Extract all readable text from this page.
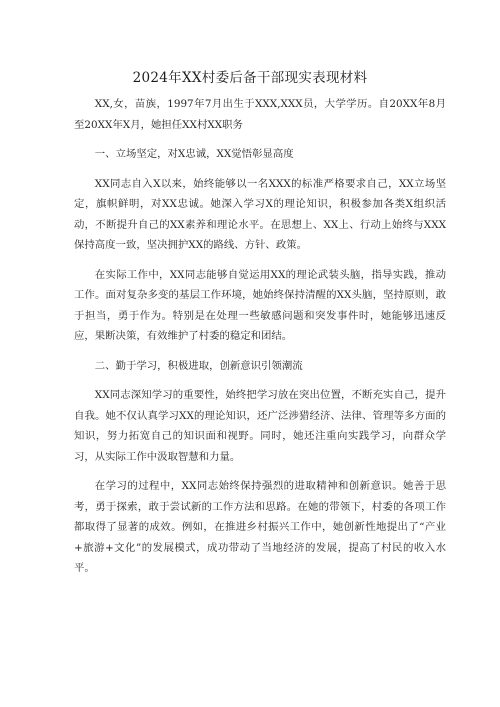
2024年XX村委后备干部现实表现材料

XX,女，苗族，1997年7月出生于XXX,XXX员，大学学历。自20XX年8月至20XX年X月，她担任XX村XX职务

一、立场坚定，对X忠诚，XX觉悟彰显高度

XX同志自入X以来，始终能够以一名XXX的标准严格要求自己，XX立场坚定，旗帜鲜明，对XX忠诚。她深入学习X的理论知识，积极参加各类X组织活动，不断提升自己的XX素养和理论水平。在思想上、XX上、行动上始终与XXX保持高度一致，坚决拥护XX的路线、方针、政策。

在实际工作中，XX同志能够自觉运用XX的理论武装头脑，指导实践，推动工作。面对复杂多变的基层工作环境，她始终保持清醒的XX头脑，坚持原则，敢于担当，勇于作为。特别是在处理一些敏感问题和突发事件时，她能够迅速反应，果断决策，有效维护了村委的稳定和团结。

二、勤于学习，积极进取，创新意识引领潮流

XX同志深知学习的重要性，始终把学习放在突出位置，不断充实自己，提升自我。她不仅认真学习XX的理论知识，还广泛涉猎经济、法律、管理等多方面的知识，努力拓宽自己的知识面和视野。同时，她还注重向实践学习，向群众学习，从实际工作中汲取智慧和力量。

在学习的过程中，XX同志始终保持强烈的进取精神和创新意识。她善于思考，勇于探索，敢于尝试新的工作方法和思路。在她的带领下，村委的各项工作都取得了显著的成效。例如，在推进乡村振兴工作中，她创新性地提出了“产业+旅游+文化”的发展模式，成功带动了当地经济的发展，提高了村民的收入水平。
